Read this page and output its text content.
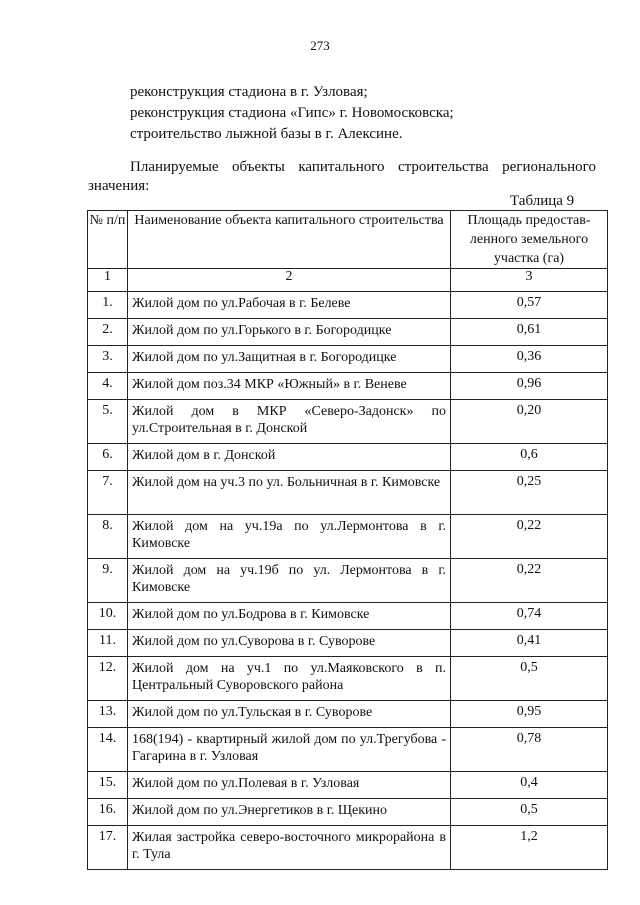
273
реконструкция стадиона в г. Узловая;
реконструкция стадиона «Гипс» г. Новомосковска;
строительство лыжной базы в г. Алексине.
Планируемые объекты капитального строительства регионального
значения:
Таблица 9
№ п/п	Наименование объекта капитального строительства	Площадь предостав-ленного земельного участка (га)
1	2	3
1.	Жилой дом по ул.Рабочая в г. Белеве	0,57
2.	Жилой дом по ул.Горького в г. Богородицке	0,61
3.	Жилой дом по ул.Защитная в г. Богородицке	0,36
4.	Жилой дом поз.34 МКР «Южный» в г. Веневе	0,96
5.	Жилой дом в МКР «Северо-Задонск» по ул.Строительная в г. Донской	0,20
6.	Жилой дом в г. Донской	0,6
7.	Жилой дом на уч.3 по ул. Больничная в г. Кимовске	0,25
8.	Жилой дом на уч.19а по ул.Лермонтова в г. Кимовске	0,22
9.	Жилой дом на уч.19б по ул. Лермонтова в г. Кимовске	0,22
10.	Жилой дом по ул.Бодрова в г. Кимовске	0,74
11.	Жилой дом по ул.Суворова в г. Суворове	0,41
12.	Жилой дом на уч.1 по ул.Маяковского в п. Центральный Суворовского района	0,5
13.	Жилой дом по ул.Тульская в г. Суворове	0,95
14.	168(194) - квартирный жилой дом по ул.Трегубова - Гагарина в г. Узловая	0,78
15.	Жилой дом по ул.Полевая в г. Узловая	0,4
16.	Жилой дом по ул.Энергетиков в г. Щекино	0,5
17.	Жилая застройка северо-восточного микрорайона в г. Тула	1,2
